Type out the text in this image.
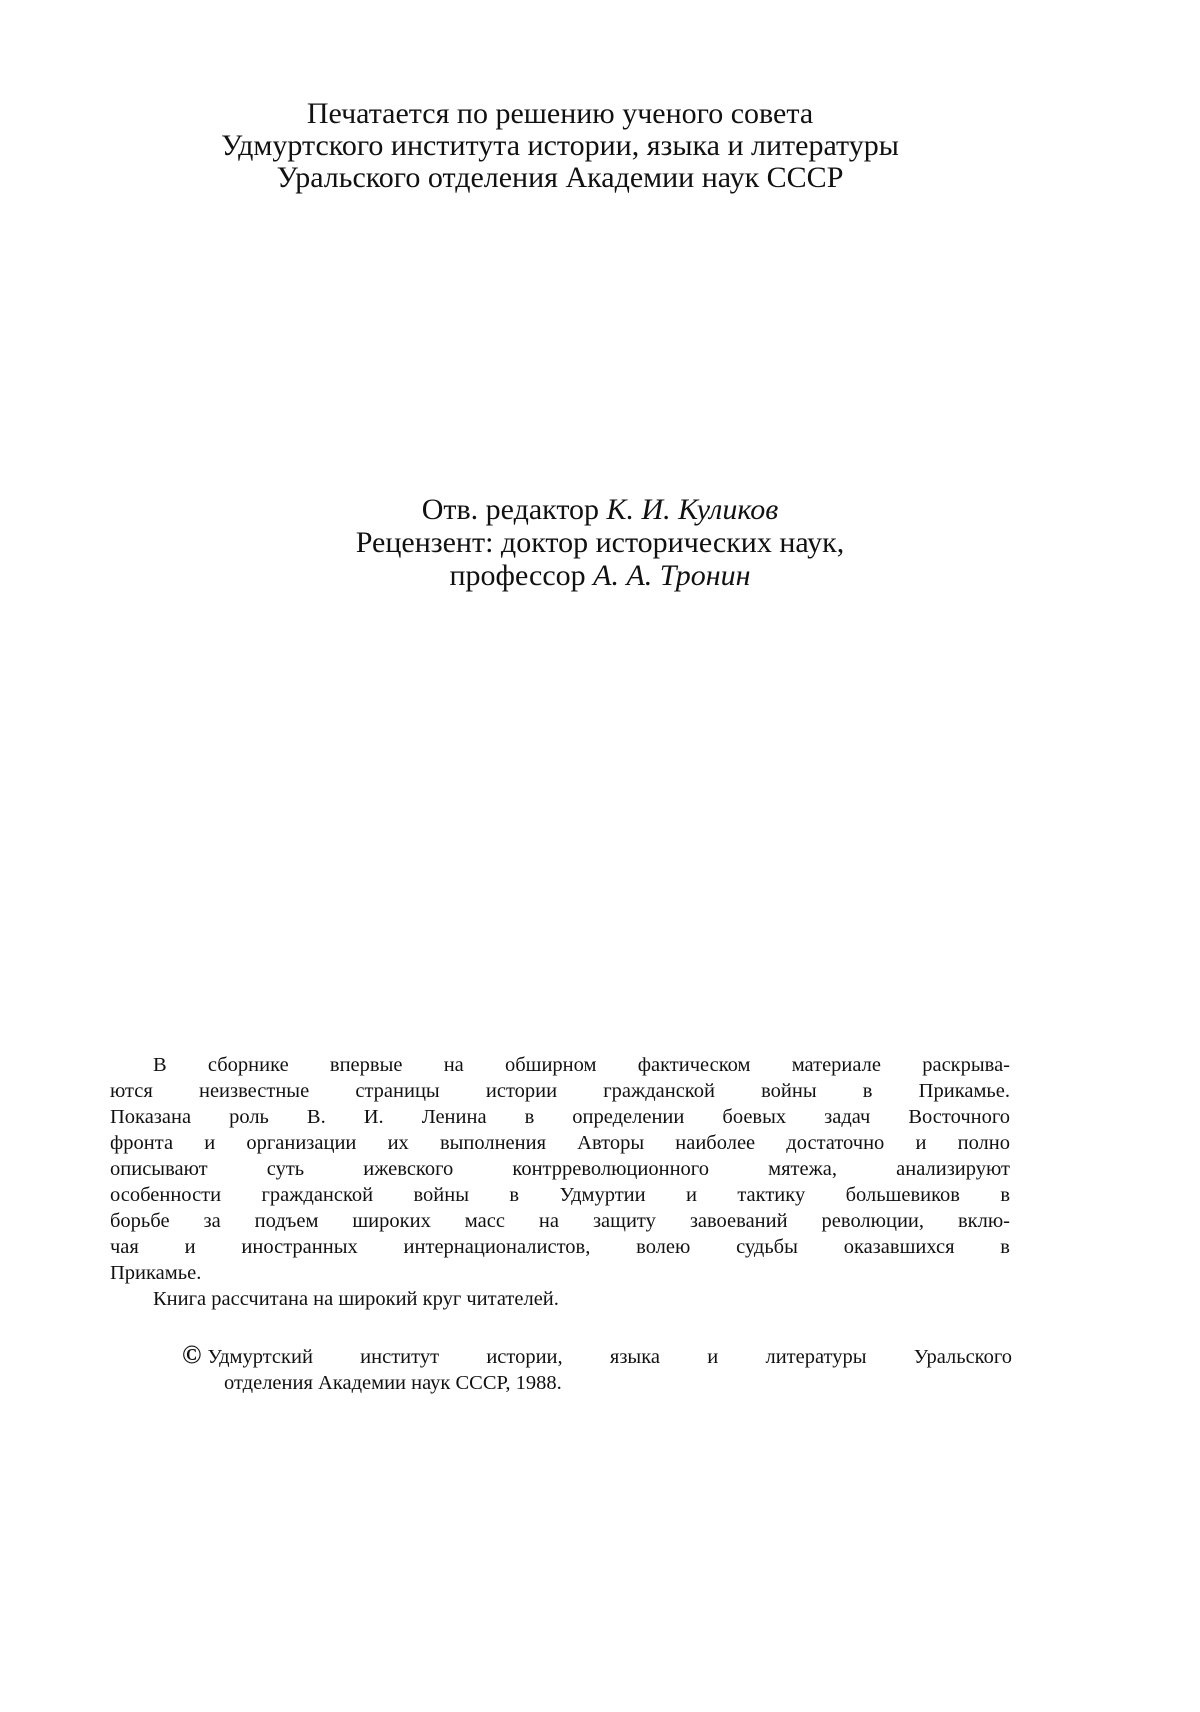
Печатается по решению ученого совета
Удмуртского института истории, языка и литературы
Уральского отделения Академии наук СССР
Отв. редактор К. И. Куликов
Рецензент: доктор исторических наук,
профессор А. А. Тронин
В сборнике впервые на обширном фактическом материале раскрыва-
ются неизвестные страницы истории гражданской войны в Прикамье.
Показана роль В. И. Ленина в определении боевых задач Восточного
фронта и организации их выполнения Авторы наиболее достаточно и полно
описывают суть ижевского контрреволюционного мятежа, анализируют
особенности гражданской войны в Удмуртии и тактику большевиков в
борьбе за подъем широких масс на защиту завоеваний революции, вклю-
чая и иностранных интернационалистов, волею судьбы оказавшихся в
Прикамье.
Книга рассчитана на широкий круг читателей.
© Удмуртский институт истории, языка и литературы Уральского
отделения Академии наук СССР, 1988.
